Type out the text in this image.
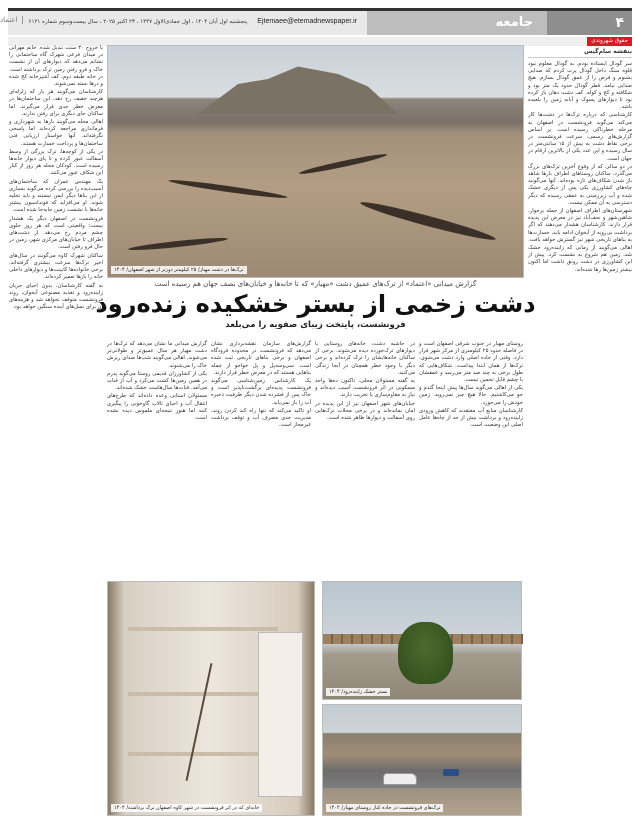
۴
جامعه
Ejtemaee@etemadnewspaper.ir
پنجشنبه اول آبان ۱۴۰۴ ، اول جمادی‌الاول ۱۴۴۷ ، ۲۳ اکتبر ۲۰۲۵ ، سال بیست‌و‌سوم شماره ۶۱۲۱
اعتماد
حقوق شهروندی
بنفشه سام‌گیس

سر گودال ایستاده بودم. به گودال معلوم نبود قلوه سنگ داخل گودال پرت کردم که صدایی بشنوم و فرض را از عمق گودال بسازم. هیچ صدایی نیامد. قطر گودال حدود یک متر بود و شکافته و کج و کوله. کف دشت دهان باز کرده بود تا دیوارهای پسوک و آبانه زمین را بلعیده باشد.

کارشناسی که درباره ترک‌ها در دشت‌ها کار می‌کند می‌گوید فرونشست در اصفهان به مرحله خطرناکی رسیده است. بر اساس گزارش‌های رسمی، سرعت فرونشست در برخی نقاط دشت به بیش از ۱۵ سانتی‌متر در سال رسیده و این عدد یکی از بالاترین ارقام در جهان است.

در دو سالی که از وقوع آخرین ترک‌های بزرگ می‌گذرد، ساکنان روستاهای اطراف بارها شاهد باز شدن شکاف‌های تازه بوده‌اند. آنها می‌گویند چاه‌های کشاورزی یکی پس از دیگری خشک شده و آب زیرزمینی به عمقی رسیده که دیگر دسترسی به آن ممکن نیست.

شهرستان‌های اطراف اصفهان از جمله برخوار، شاهین‌شهر و نجف‌آباد نیز در معرض این پدیده قرار دارند. کارشناسان هشدار می‌دهند که اگر برداشت بی‌رویه از آبخوان ادامه یابد، خسارت‌ها به بناهای تاریخی شهر نیز گسترش خواهد یافت.

اهالی می‌گویند از زمانی که زاینده‌رود خشک شد، زمین هم شروع به نشست کرد. پیش از این کشاورزی در دشت رونق داشت اما اکنون بیشتر زمین‌ها رها شده‌اند.

با خروج ۳۰ سنت تبدیل شده. خانم مهرانی در میدان فرعی شهرک گاه ساختمانی را نشانم می‌دهد که دیوارهای آن از نشست خاک و فرو رفتن زمین ترک برداشته است. در خانه طبقه دوم، کف آشپزخانه کج شده و درها بسته نمی‌شوند.

کارشناسان می‌گویند هر بار که زلزله‌ای هرچند خفیف رخ دهد، این ساختمان‌ها در معرض خطر جدی قرار می‌گیرند. اما ساکنان جای دیگری برای رفتن ندارند.

اهالی محله می‌گویند بارها به شهرداری و فرمانداری مراجعه کرده‌اند اما پاسخی نگرفته‌اند. آنها خواستار ارزیابی فنی ساختمان‌ها و پرداخت خسارت هستند.

در یکی از کوچه‌ها، ترک بزرگی از وسط آسفالت عبور کرده و تا پای دیوار خانه‌ها رسیده است. کودکان محله هر روز از کنار این شکاف عبور می‌کنند.

یک مهندس عمران که ساختمان‌های آسیب‌دیده را بررسی کرده می‌گوید بسیاری از این بناها دیگر ایمن نیستند و باید تخلیه شوند. او می‌افزاید که فونداسیون بیشتر خانه‌ها با نشست زمین جابه‌جا شده است.

فرونشست در اصفهان دیگر یک هشدار نیست؛ واقعیتی است که هر روز جلوی چشم مردم رخ می‌دهد. از دشت‌های اطراف تا خیابان‌های مرکزی شهر، زمین در حال فرو رفتن است.

ساکنان شهرک کاوه می‌گویند در سال‌های اخیر ترک‌ها سرعت بیشتری گرفته‌اند. برخی خانواده‌ها کابینت‌ها و دیوارهای داخلی خانه را بارها تعمیر کرده‌اند.

به گفته کارشناسان، بدون احیای جریان زاینده‌رود و تغذیه مصنوعی آبخوان، روند فرونشست متوقف نخواهد شد و هزینه‌های آن برای نسل‌های آینده سنگین خواهد بود.

ترک‌ها در دشت مهیار/ ۲۵ کیلومتر دورتر از شهر اصفهان/ ۱۴۰۴
گزارش میدانی «اعتماد» از ترک‌های عمیق دشت «مهیار» که تا خانه‌ها و خیابان‌های نصف جهان هم رسیده است
دشت زخمی از بستر خشکیده زنده‌رود
فرونشست، پایتخت زیبای صفویه را می‌بلعد

روستای مهیار در جنوب شرقی اصفهان است و در فاصله حدود ۲۵ کیلومتری از مرکز شهر قرار دارد. وقتی از جاده اصلی وارد دشت می‌شوی، ترک‌ها از همان ابتدا پیداست. شکاف‌هایی که طول برخی به چند صد متر می‌رسد و عمقشان با چشم قابل تخمین نیست.

یکی از اهالی می‌گوید سال‌ها پیش اینجا گندم و جو می‌کاشتیم. حالا هیچ چیز نمی‌روید. زمین خودش را می‌خورد.

کارشناسان منابع آب معتقدند که کاهش ورودی زاینده‌رود و برداشت بیش از حد از چاه‌ها عامل اصلی این وضعیت است.

در حاشیه دشت، خانه‌های روستایی با دیوارهای ترک‌خورده دیده می‌شوند. برخی از ساکنان خانه‌هایشان را ترک کرده‌اند و برخی دیگر با وجود خطر همچنان در آنجا زندگی می‌کنند.

به گفته مسئولان محلی، تاکنون ده‌ها واحد مسکونی در اثر فرونشست آسیب دیده‌اند و نیاز به مقاوم‌سازی یا تخریب دارند.

خیابان‌های شهر اصفهان نیز از این پدیده در امان نمانده‌اند و در برخی محلات ترک‌هایی روی آسفالت و دیوارها ظاهر شده است.

گزارش‌های سازمان نقشه‌برداری نشان می‌دهد که فرونشست در محدوده فرودگاه اصفهان و برخی بناهای تاریخی ثبت شده است. سی‌وسه‌پل و پل خواجو از جمله بناهایی هستند که در معرض خطر قرار دارند.

یک کارشناس زمین‌شناسی می‌گوید فرونشست پدیده‌ای برگشت‌ناپذیر است و خاک پس از فشرده شدن دیگر ظرفیت ذخیره آب را باز نمی‌یابد.

او تاکید می‌کند که تنها راه کند کردن روند، مدیریت جدی مصرف آب و توقف برداشت غیرمجاز است.

گزارش میدانی ما نشان می‌دهد که ترک‌ها در دشت مهیار هر سال عمیق‌تر و طولانی‌تر می‌شوند. اهالی می‌گویند شب‌ها صدای ریزش خاک را می‌شنوند.

یکی از کشاورزان قدیمی روستا می‌گوید پدرم در همین زمین‌ها کشت می‌کرد و آب از قنات می‌آمد. قنات‌ها سال‌هاست خشک شده‌اند.

مسئولان استانی وعده داده‌اند که طرح‌های انتقال آب و احیای تالاب گاوخونی را پیگیری کنند اما هنوز نتیجه‌ای ملموس دیده نشده است.

خانه‌ای که در اثر فرونشست در شهر کاوه اصفهان ترک برداشته/ ۱۴۰۴
بستر خشک زاینده‌رود/ ۱۴۰۴
ترک‌های فرونشست در جاده کنار روستای مهیار/ ۱۴۰۴
